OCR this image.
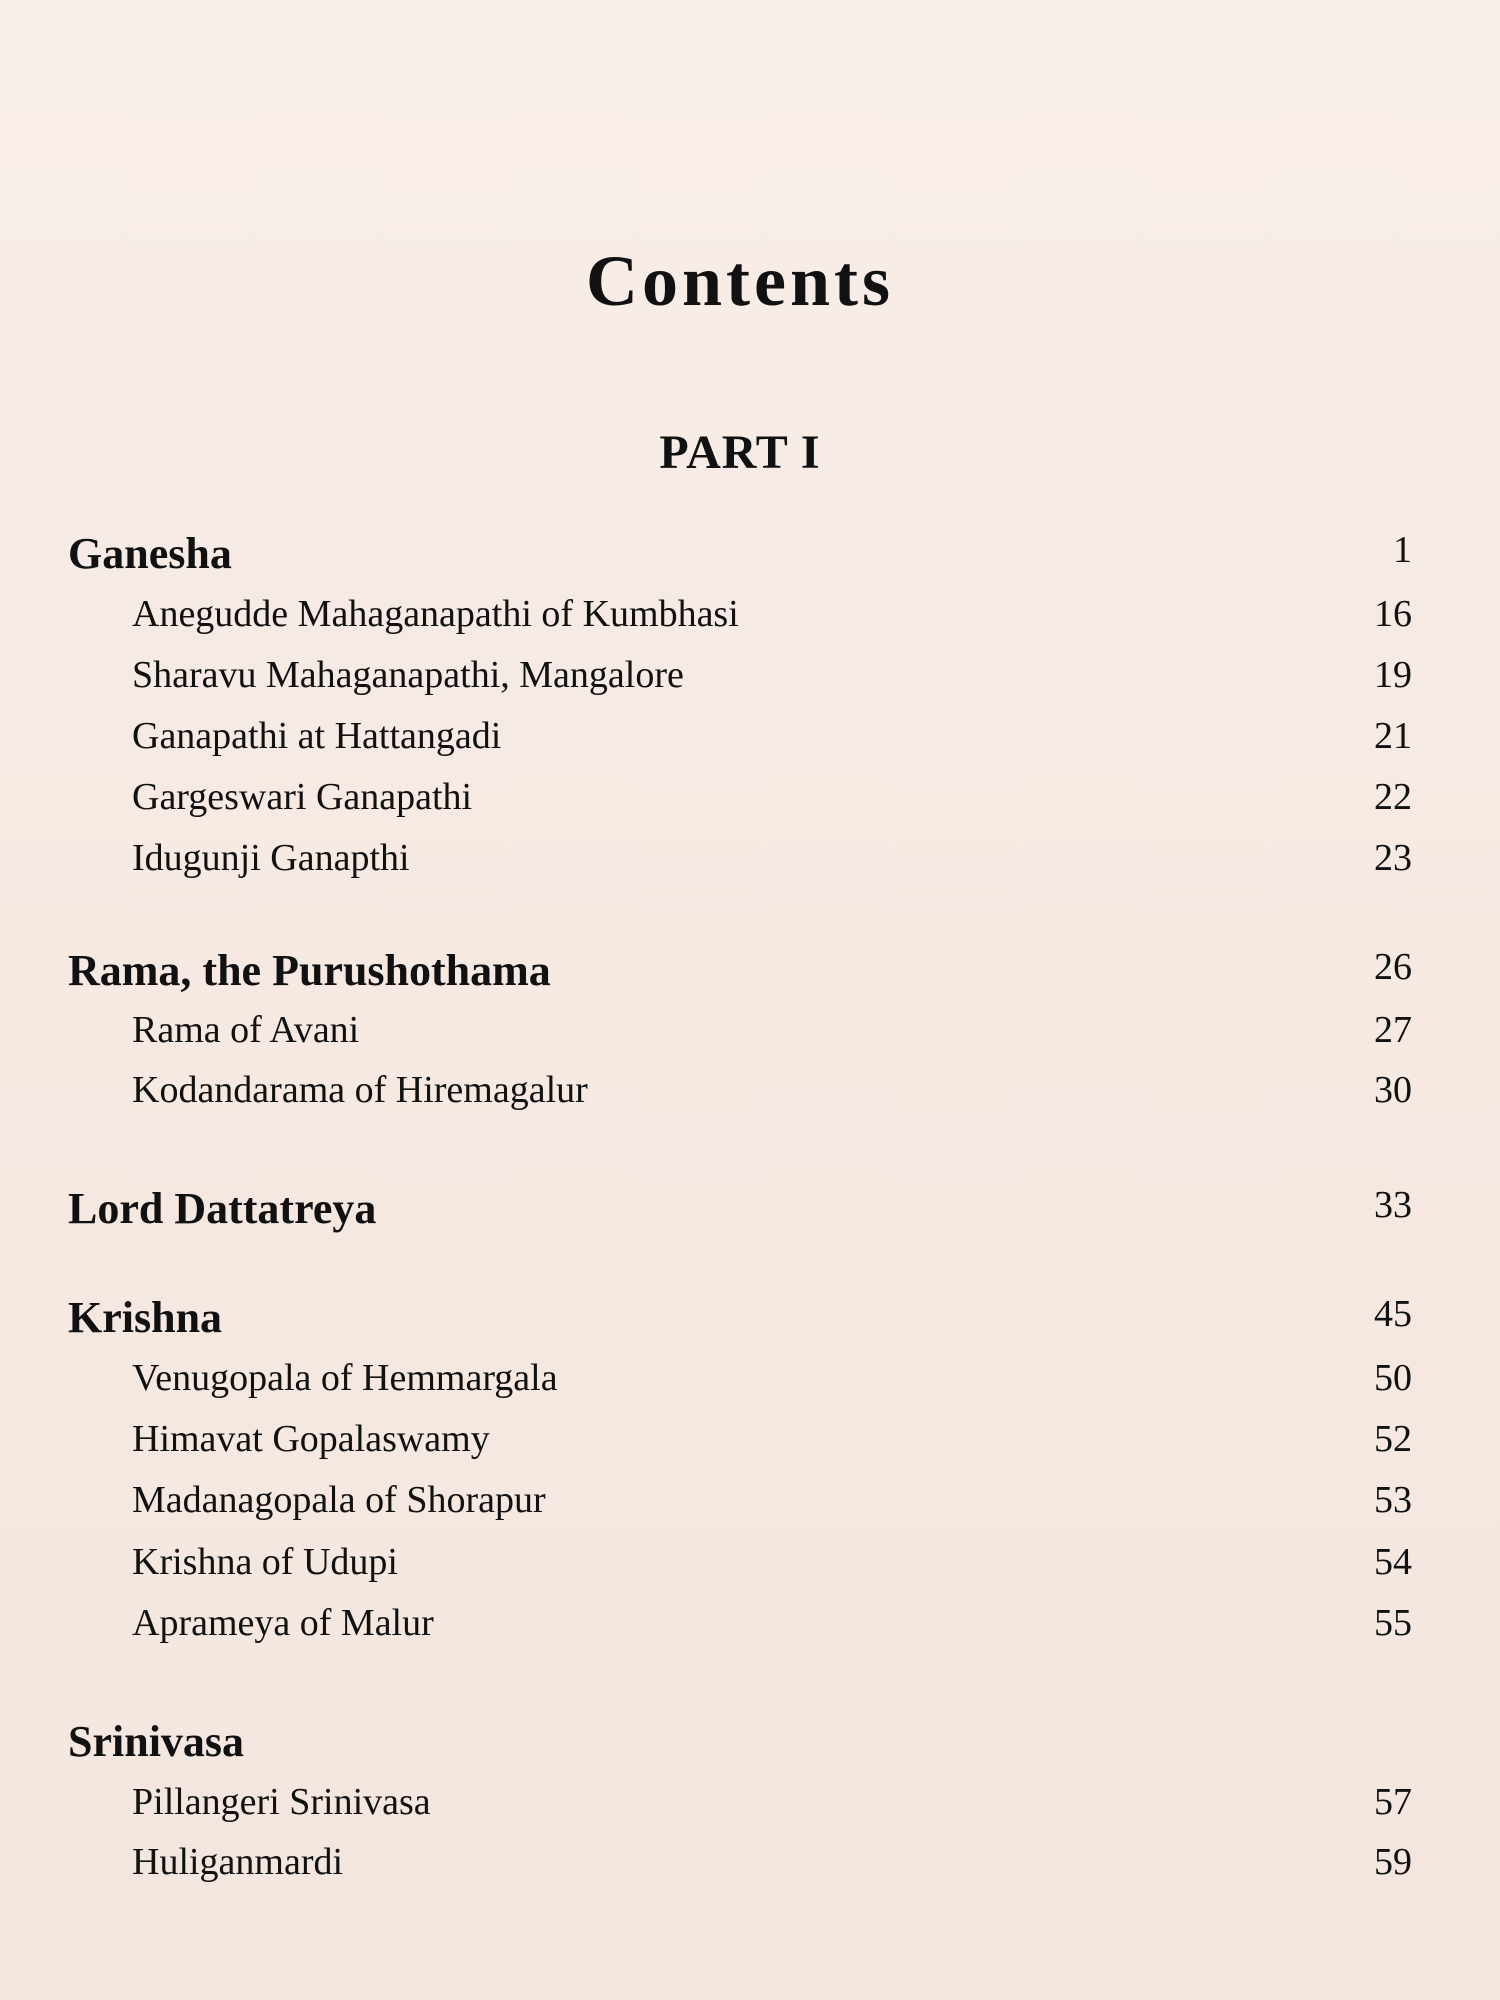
Contents
PART I
Ganesha	1
Anegudde Mahaganapathi of Kumbhasi	16
Sharavu Mahaganapathi, Mangalore	19
Ganapathi at Hattangadi	21
Gargeswari Ganapathi	22
Idugunji Ganapthi	23
Rama, the Purushothama	26
Rama of Avani	27
Kodandarama of Hiremagalur	30
Lord Dattatreya	33
Krishna	45
Venugopala of Hemmargala	50
Himavat Gopalaswamy	52
Madanagopala of Shorapur	53
Krishna of Udupi	54
Aprameya of Malur	55
Srinivasa
Pillangeri Srinivasa	57
Huliganmardi	59
